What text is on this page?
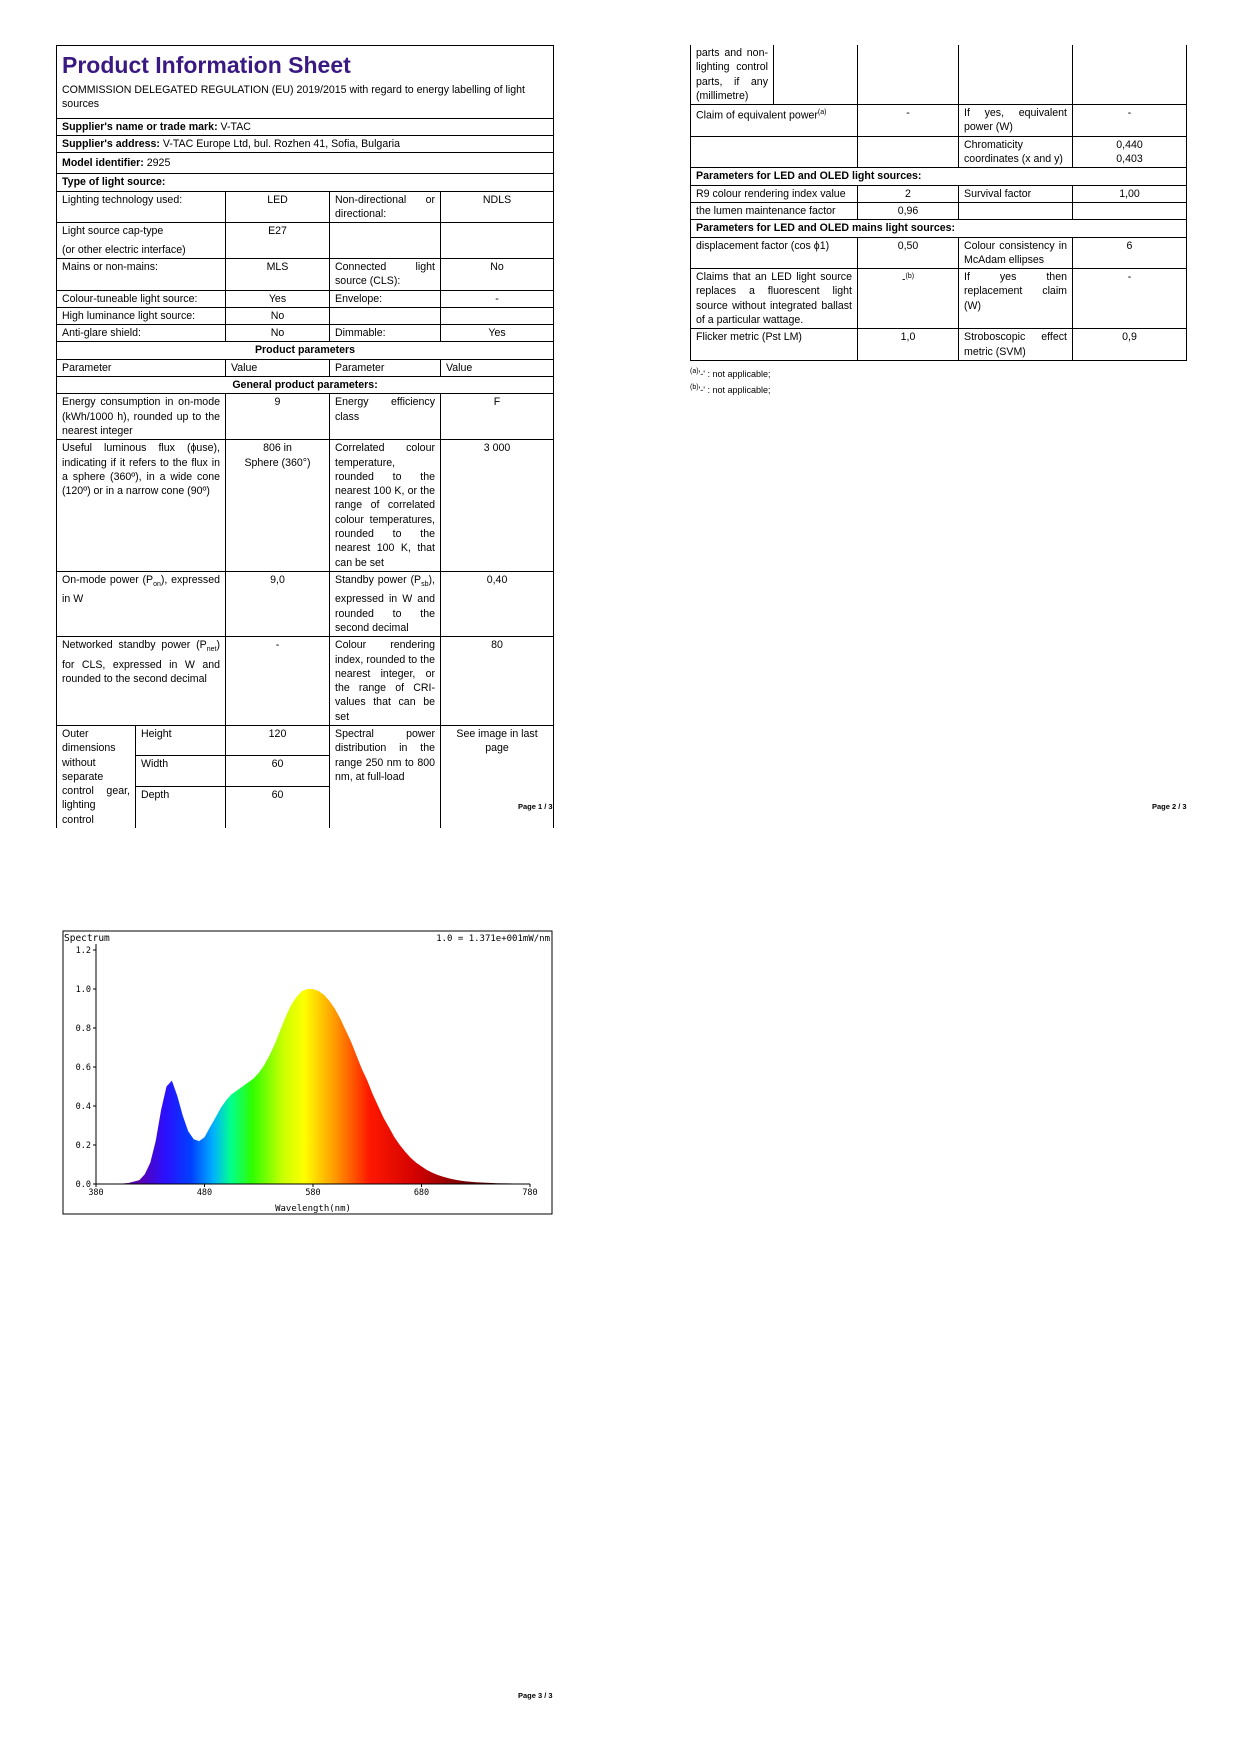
Product Information Sheet
COMMISSION DELEGATED REGULATION (EU) 2019/2015 with regard to energy labelling of light sources				

Supplier's name or trade mark: V-TAC				
Supplier's address: V-TAC Europe Ltd, bul. Rozhen 41, Sofia, Bulgaria				
Model identifier: 2925				
Type of light source:				
Lighting technology used:		LED	Non-directional or directional:	NDLS

Light source cap-type
(or other electric interface)		E27		
Mains or non-mains:		MLS	Connected light source (CLS):	No
Colour-tuneable light source:		Yes	Envelope:	-
High luminance light source:		No		
Anti-glare shield:		No	Dimmable:	Yes
Product parameters				
Parameter		Value	Parameter	Value
General product parameters:				
Energy consumption in on-mode (kWh/1000 h), rounded up to the nearest integer		9	Energy efficiency class	F
Useful luminous flux (ϕuse), indicating if it refers to the flux in a sphere (360º), in a wide cone (120º) or in a narrow cone (90º)		806 in
Sphere (360°)	Correlated colour temperature, rounded to the nearest 100 K, or the range of correlated colour temperatures, rounded to the nearest 100 K, that can be set	3 000
On-mode power $(P_{on})$, expressed in W		9,0	Standby power $(P_{sb})$, expressed in W and rounded to the second decimal	0,40
Networked standby power $(P_{net})$ for CLS, expressed in W and rounded to the second decimal		-	Colour rendering index, rounded to the nearest integer, or the range of CRI-values that can be set	80
Outer dimensions without separate control gear, lighting control	Height	120	Spectral power distribution in the range 250 nm to 800 nm, at full-load	See image in last page
	Width	60		
	Depth	60		
Page 1 / 3
parts and non-lighting control parts, if any (millimetre)				
Claim of equivalent power$^{(a)}$		-	If yes, equivalent power (W)	-
			Chromaticity coordinates (x and y)	0,440
0,403

Parameters for LED and OLED light sources:				
R9 colour rendering index value		2	Survival factor	1,00
the lumen maintenance factor		0,96		
Parameters for LED and OLED mains light sources:				
displacement factor (cos ϕ1)		0,50	Colour consistency in McAdam ellipses	6
Claims that an LED light source replaces a fluorescent light source without integrated ballast of a particular wattage.		-$^{(b)}$	If yes then replacement claim (W)	-
Flicker metric (Pst LM)		1,0	Stroboscopic effect metric (SVM)	0,9
$^{(a)}$'-' : not applicable;
$^{(b)}$'-' : not applicable;
Page 2 / 3
Spectrum	1.0 = 1.371e+001mW/nm
0.0
0.2
0.4
0.6
0.8
1.0
1.2
380	480	580	680	780
Wavelength(nm)
Page 3 / 3
